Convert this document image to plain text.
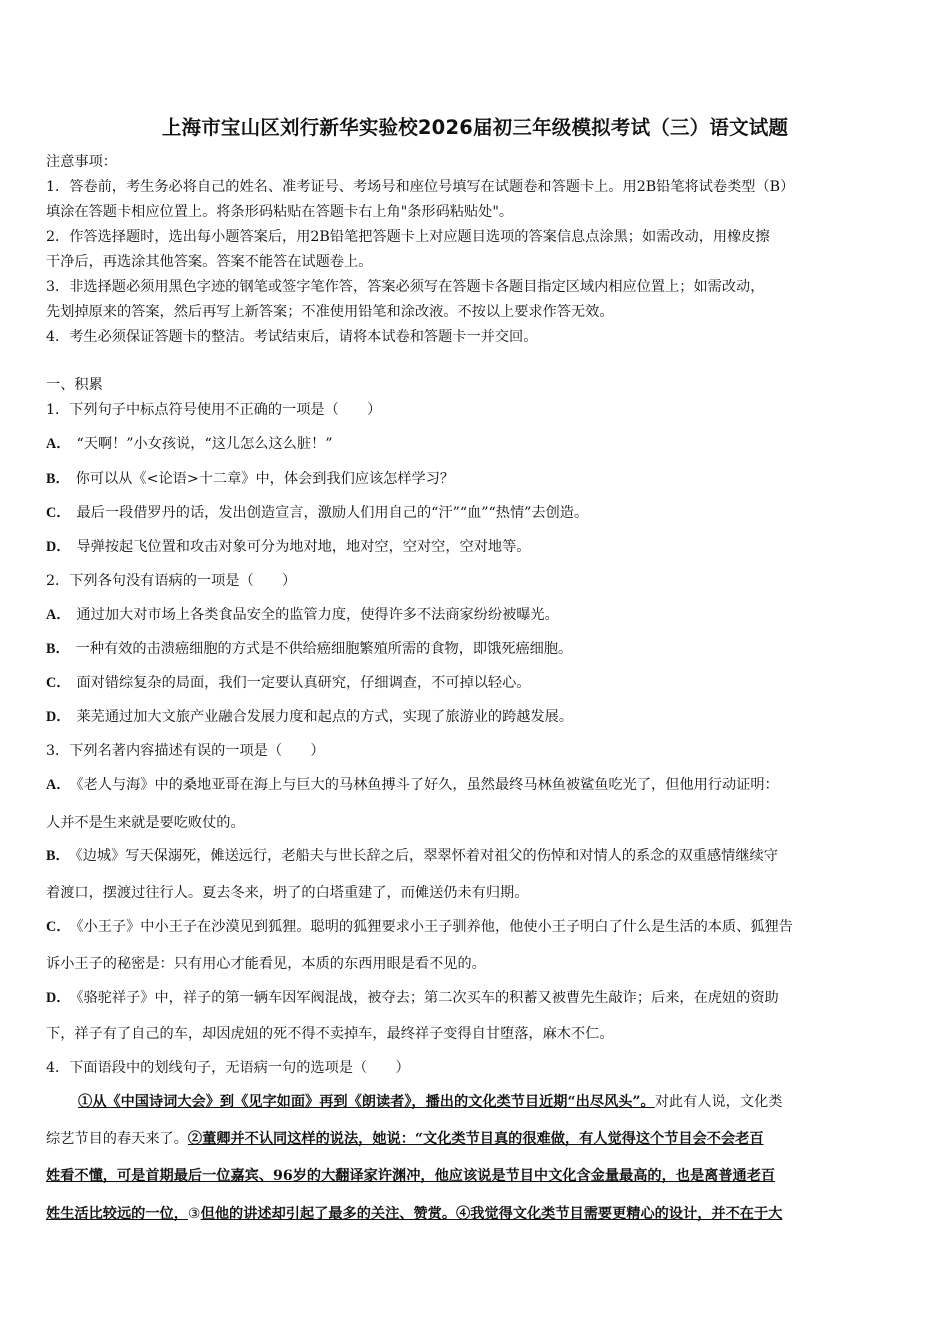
上海市宝山区刘行新华实验校2026届初三年级模拟考试（三）语文试题
注意事项：
1．答卷前，考生务必将自己的姓名、准考证号、考场号和座位号填写在试题卷和答题卡上。用2B铅笔将试卷类型（B）
填涂在答题卡相应位置上。将条形码粘贴在答题卡右上角"条形码粘贴处"。
2．作答选择题时，选出每小题答案后，用2B铅笔把答题卡上对应题目选项的答案信息点涂黑；如需改动，用橡皮擦
干净后，再选涂其他答案。答案不能答在试题卷上。
3．非选择题必须用黑色字迹的钢笔或签字笔作答，答案必须写在答题卡各题目指定区域内相应位置上；如需改动，
先划掉原来的答案，然后再写上新答案；不准使用铅笔和涂改液。不按以上要求作答无效。
4．考生必须保证答题卡的整洁。考试结束后，请将本试卷和答题卡一并交回。
一、积累
1．下列句子中标点符号使用不正确的一项是（　　）
A． “天啊！”小女孩说，“这儿怎么这么脏！”
B． 你可以从《<论语>十二章》中，体会到我们应该怎样学习？
C． 最后一段借罗丹的话，发出创造宣言，激励人们用自己的“汗”“血”“热情”去创造。
D． 导弹按起飞位置和攻击对象可分为地对地，地对空，空对空，空对地等。
2．下列各句没有语病的一项是（　　）
A． 通过加大对市场上各类食品安全的监管力度，使得许多不法商家纷纷被曝光。
B． 一种有效的击溃癌细胞的方式是不供给癌细胞繁殖所需的食物，即饿死癌细胞。
C． 面对错综复杂的局面，我们一定要认真研究，仔细调查，不可掉以轻心。
D． 莱芜通过加大文旅产业融合发展力度和起点的方式，实现了旅游业的跨越发展。
3．下列名著内容描述有误的一项是（　　）
A． 《老人与海》中的桑地亚哥在海上与巨大的马林鱼搏斗了好久，虽然最终马林鱼被鲨鱼吃光了，但他用行动证明：
人并不是生来就是要吃败仗的。
B． 《边城》写天保溺死，傩送远行，老船夫与世长辞之后，翠翠怀着对祖父的伤悼和对情人的系念的双重感情继续守
着渡口，摆渡过往行人。夏去冬来，坍了的白塔重建了，而傩送仍未有归期。
C． 《小王子》中小王子在沙漠见到狐狸。聪明的狐狸要求小王子驯养他，他使小王子明白了什么是生活的本质、狐狸告
诉小王子的秘密是：只有用心才能看见，本质的东西用眼是看不见的。
D． 《骆驼祥子》中，祥子的第一辆车因军阀混战，被夺去；第二次买车的积蓄又被曹先生敲诈；后来，在虎妞的资助
下，祥子有了自己的车，却因虎妞的死不得不卖掉车，最终祥子变得自甘堕落，麻木不仁。
4．下面语段中的划线句子，无语病一句的选项是（　　）
①从《中国诗词大会》到《见字如面》再到《朗读者》，播出的文化类节目近期“出尽风头”。对此有人说，文化类
综艺节目的春天来了。②董卿并不认同这样的说法，她说：“文化类节目真的很难做，有人觉得这个节目会不会老百
姓看不懂，可是首期最后一位嘉宾、96岁的大翻译家许渊冲，他应该说是节目中文化含金量最高的，也是离普通老百
姓生活比较远的一位，③但他的讲述却引起了最多的关注、赞赏。④我觉得文化类节目需要更精心的设计，并不在于大
